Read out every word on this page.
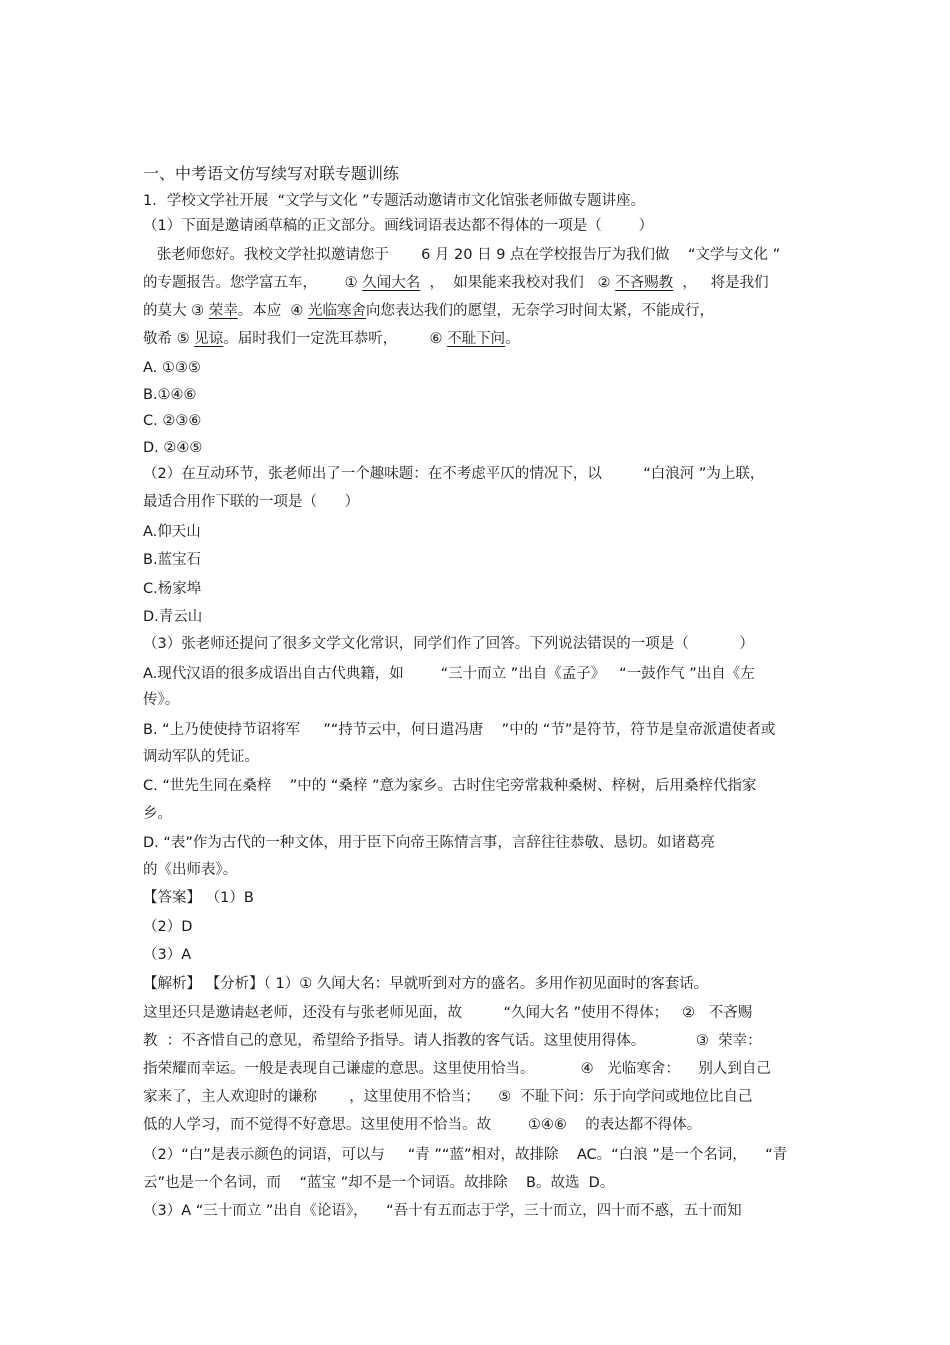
一、中考语文仿写续写对联专题训练
1．学校文学社开展  “文学与文化 ”专题活动邀请市文化馆张老师做专题讲座。
（1）下面是邀请函草稿的正文部分。画线词语表达都不得体的一项是（        ）
张老师您好。我校文学社拟邀请您于       6 月 20 日 9 点在学校报告厅为我们做    “文学与文化 ”
的专题报告。您学富五车，      ① 久闻大名  ，  如果能来我校对我们   ② 不吝赐教  ，   将是我们
的莫大 ③ 荣幸。本应  ④ 光临寒舍向您表达我们的愿望，无奈学习时间太紧，不能成行，
敬希 ⑤ 见谅。届时我们一定洗耳恭听，       ⑥ 不耻下问。
A. ①③⑤
B.①④⑥
C. ②③⑥
D. ②④⑤
（2）在互动环节，张老师出了一个趣味题：在不考虑平仄的情况下，以         “白浪河 ”为上联，
最适合用作下联的一项是（      ）
A.仰天山
B.蓝宝石
C.杨家埠
D.青云山
（3）张老师还提问了很多文学文化常识，同学们作了回答。下列说法错误的一项是（           ）
A.现代汉语的很多成语出自古代典籍，如        “三十而立 ”出自《孟子》   “一鼓作气 ”出自《左
传》。
B. “上乃使使持节诏将军     ”“持节云中，何日遣冯唐    ”中的 “节”是符节，符节是皇帝派遣使者或
调动军队的凭证。
C. “世先生同在桑梓    ”中的 “桑梓 ”意为家乡。古时住宅旁常栽种桑树、梓树，后用桑梓代指家
乡。
D. “表”作为古代的一种文体，用于臣下向帝王陈情言事，言辞往往恭敬、恳切。如诸葛亮
的《出师表》。
【答案】 （1）B
（2）D
（3）A
【解析】 【分析】（ 1）① 久闻大名：早就听到对方的盛名。多用作初见面时的客套话。
这里还只是邀请赵老师，还没有与张老师见面，故         “久闻大名 ”使用不得体；   ②   不吝赐
教  ：不吝惜自己的意见，希望给予指导。请人指教的客气话。这里使用得体。           ③  荣幸：
指荣耀而幸运。一般是表现自己谦虚的意思。这里使用恰当。          ④   光临寒舍：    别人到自己
家来了，主人欢迎时的谦称       ，这里使用不恰当；    ⑤  不耻下问：乐于向学问或地位比自己
低的人学习，而不觉得不好意思。这里使用不恰当。故        ①④⑥    的表达都不得体。
（2）“白”是表示颜色的词语，可以与     “青 ”“蓝”相对，故排除    AC。“白浪 ”是一个名词，    “青
云”也是一个名词，而    “蓝宝 ”却不是一个词语。故排除    B。故选  D。
（3）A “三十而立 ”出自《论语》，    “吾十有五而志于学，三十而立，四十而不惑，五十而知
